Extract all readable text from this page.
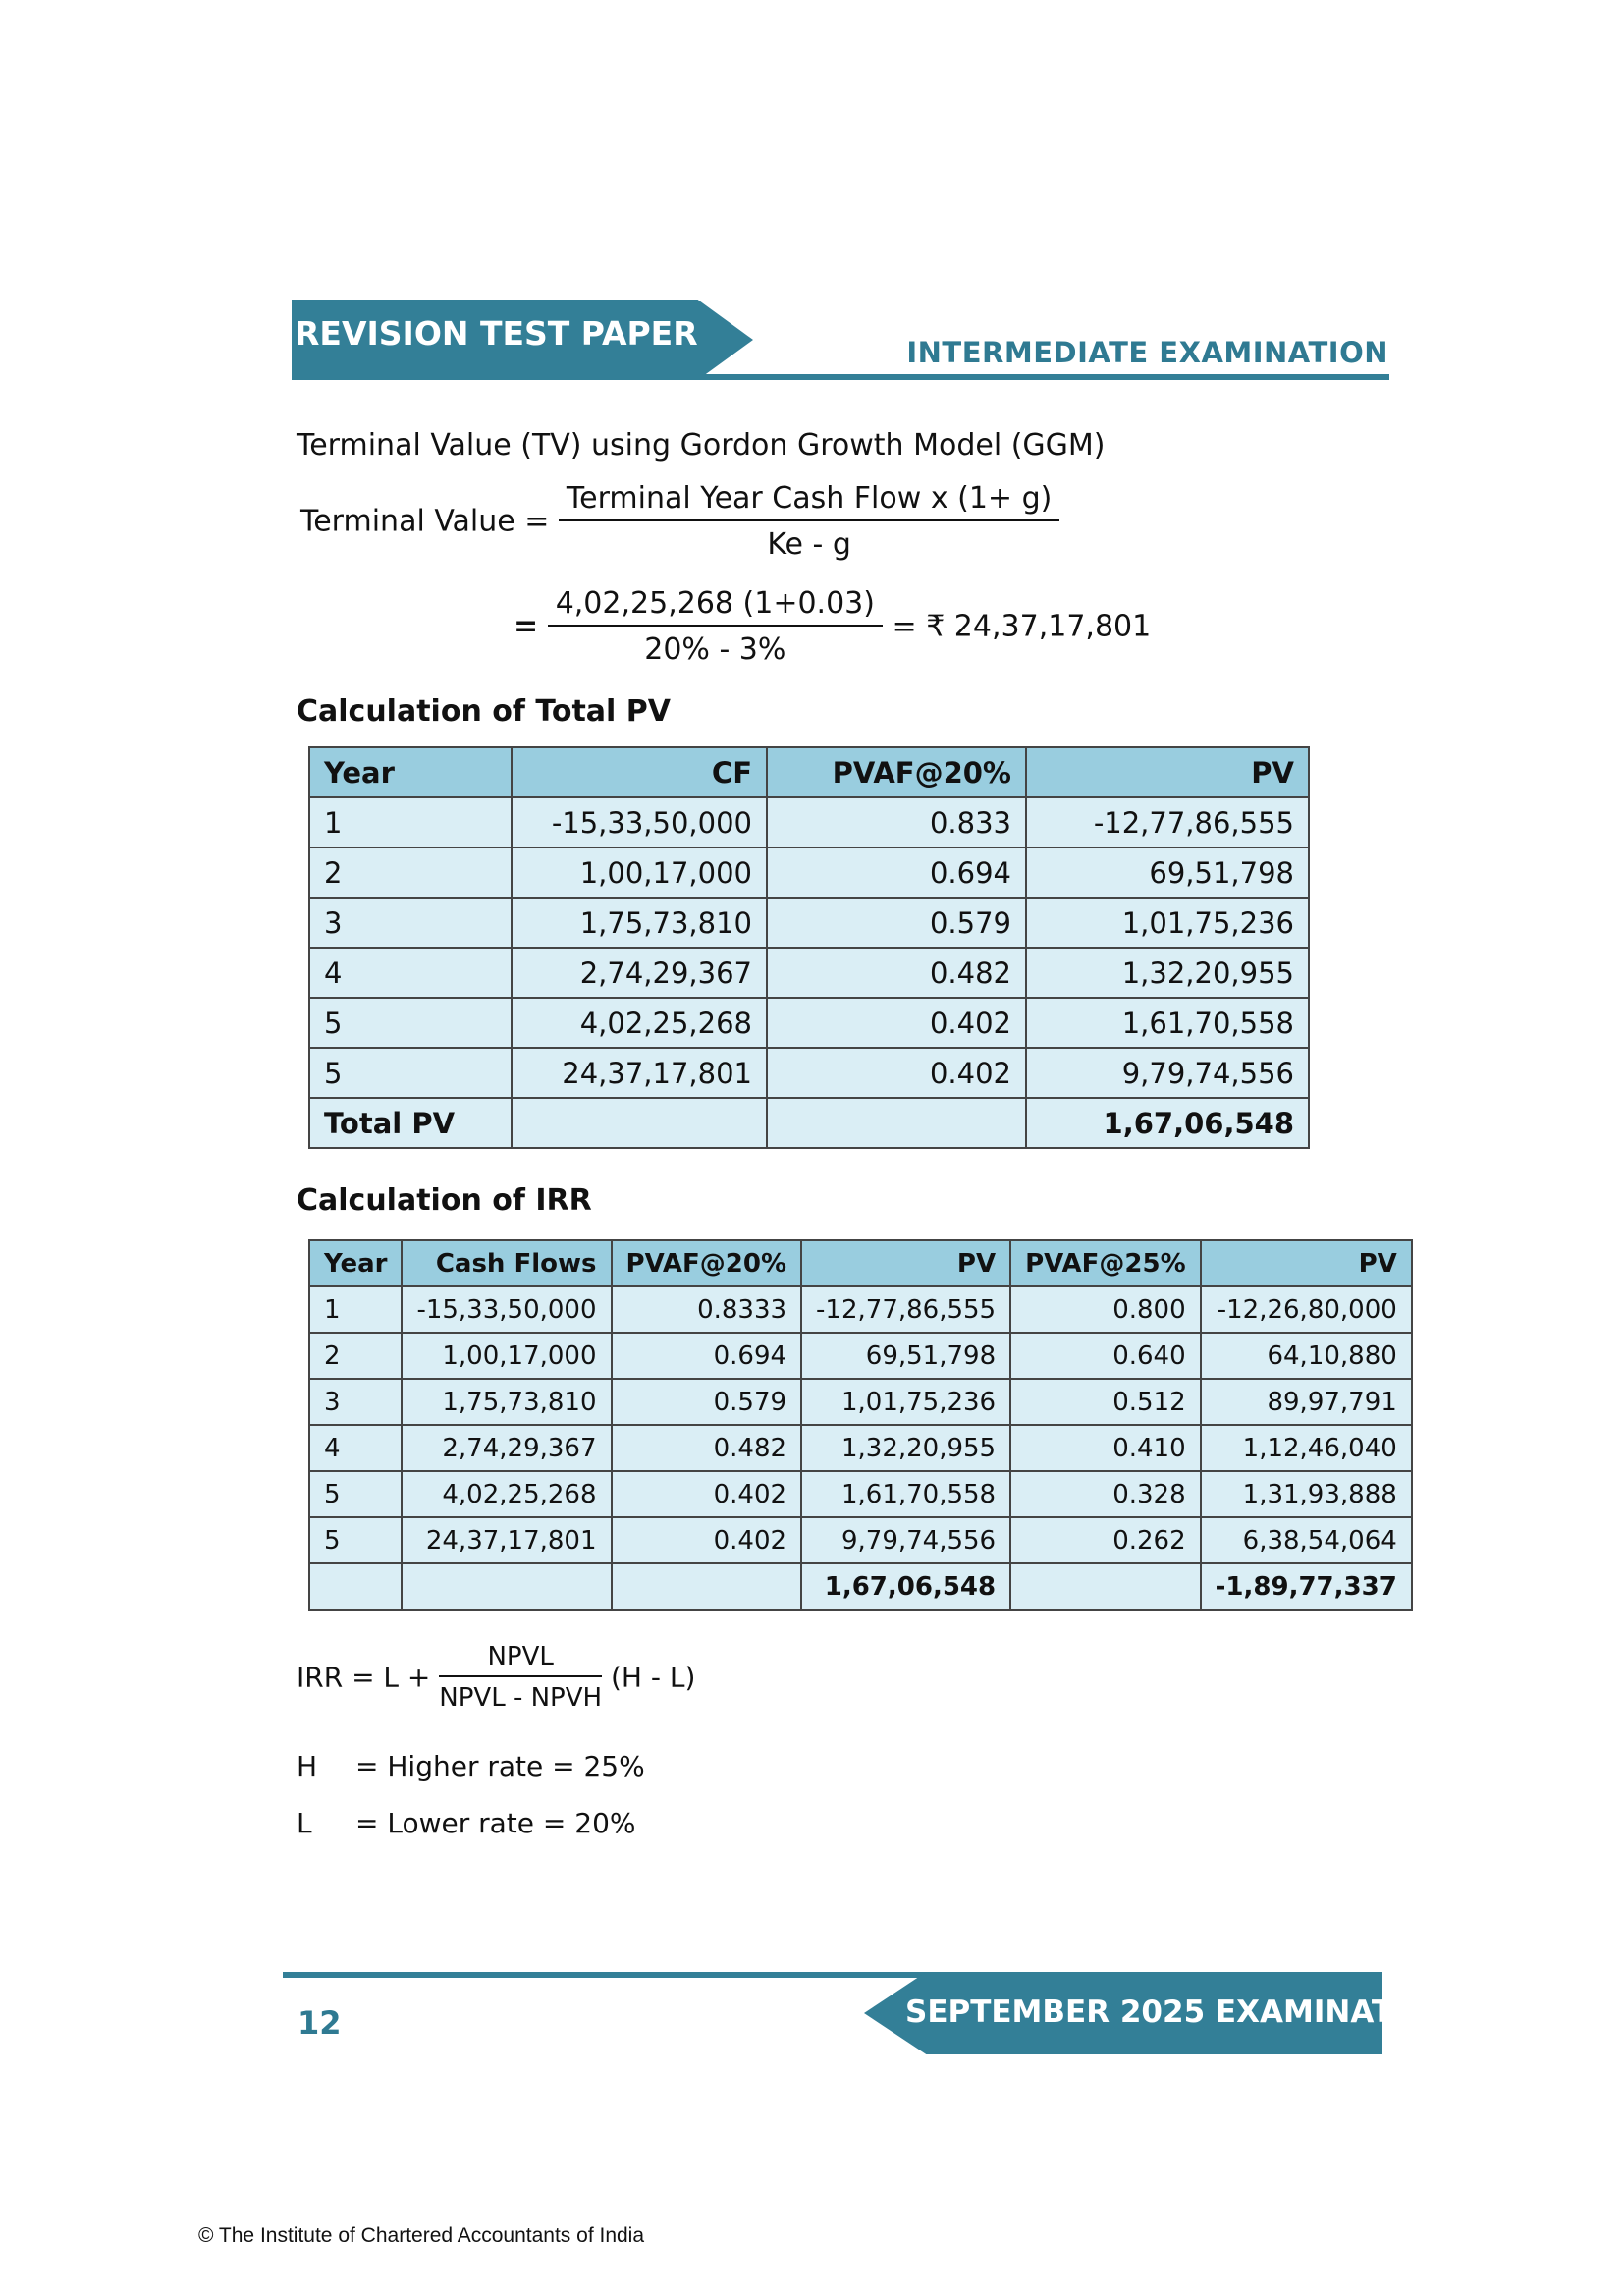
REVISION TEST PAPER	INTERMEDIATE EXAMINATION
Terminal Value (TV) using Gordon Growth Model (GGM)
Terminal Value = $\frac{\text{Terminal Year Cash Flow x (1+ g)}}{Ke - g}$
= $\frac{4,02,25,268 (1+0.03)}{20\% - 3\%}$ = ₹ 24,37,17,801
Calculation of Total PV
Year	CF	PVAF@20%	PV
1	-15,33,50,000	0.833	-12,77,86,555
2	1,00,17,000	0.694	69,51,798
3	1,75,73,810	0.579	1,01,75,236
4	2,74,29,367	0.482	1,32,20,955
5	4,02,25,268	0.402	1,61,70,558
5	24,37,17,801	0.402	9,79,74,556
Total PV			1,67,06,548
Calculation of IRR
Year	Cash Flows	PVAF@20%	PV	PVAF@25%	PV
1	-15,33,50,000	0.8333	-12,77,86,555	0.800	-12,26,80,000
2	1,00,17,000	0.694	69,51,798	0.640	64,10,880
3	1,75,73,810	0.579	1,01,75,236	0.512	89,97,791
4	2,74,29,367	0.482	1,32,20,955	0.410	1,12,46,040
5	4,02,25,268	0.402	1,61,70,558	0.328	1,31,93,888
5	24,37,17,801	0.402	9,79,74,556	0.262	6,38,54,064
			1,67,06,548		-1,89,77,337
IRR = $L + \frac{\text{NPVL}}{\text{NPVL - NPVH}} (H - L)$
H = Higher rate = 25%
L = Lower rate = 20%
SEPTEMBER 2025 EXAMINATION
12
© The Institute of Chartered Accountants of India
